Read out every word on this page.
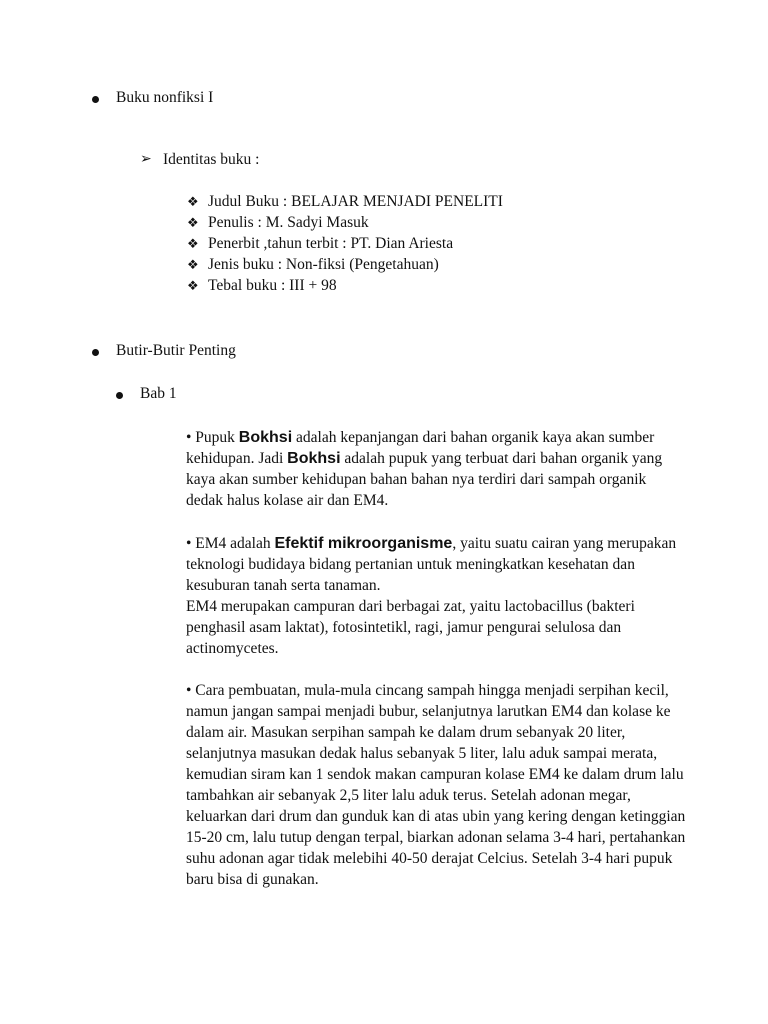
Buku nonfiksi I
➢ Identitas buku :
❖ Judul Buku : BELAJAR MENJADI PENELITI
❖ Penulis : M. Sadyi Masuk
❖ Penerbit ,tahun terbit : PT. Dian Ariesta
❖ Jenis buku : Non-fiksi (Pengetahuan)
❖ Tebal buku : III + 98
Butir-Butir Penting
Bab 1

• Pupuk Bokhsi adalah kepanjangan dari bahan organik kaya akan sumber kehidupan. Jadi Bokhsi adalah pupuk yang terbuat dari bahan organik yang kaya akan sumber kehidupan bahan bahan nya terdiri dari sampah organik dedak halus kolase air dan EM4.

• EM4 adalah Efektif mikroorganisme, yaitu suatu cairan yang merupakan teknologi budidaya bidang pertanian untuk meningkatkan kesehatan dan kesuburan tanah serta tanaman.

EM4 merupakan campuran dari berbagai zat, yaitu lactobacillus (bakteri penghasil asam laktat), fotosintetikl, ragi, jamur pengurai selulosa dan actinomycetes.

• Cara pembuatan, mula-mula cincang sampah hingga menjadi serpihan kecil, namun jangan sampai menjadi bubur, selanjutnya larutkan EM4 dan kolase ke dalam air. Masukan serpihan sampah ke dalam drum sebanyak 20 liter, selanjutnya masukan dedak halus sebanyak 5 liter, lalu aduk sampai merata, kemudian siram kan 1 sendok makan campuran kolase EM4 ke dalam drum lalu tambahkan air sebanyak 2,5 liter lalu aduk terus. Setelah adonan megar, keluarkan dari drum dan gunduk kan di atas ubin yang kering dengan ketinggian 15-20 cm, lalu tutup dengan terpal, biarkan adonan selama 3-4 hari, pertahankan suhu adonan agar tidak melebihi 40-50 derajat Celcius. Setelah 3-4 hari pupuk baru bisa di gunakan.
